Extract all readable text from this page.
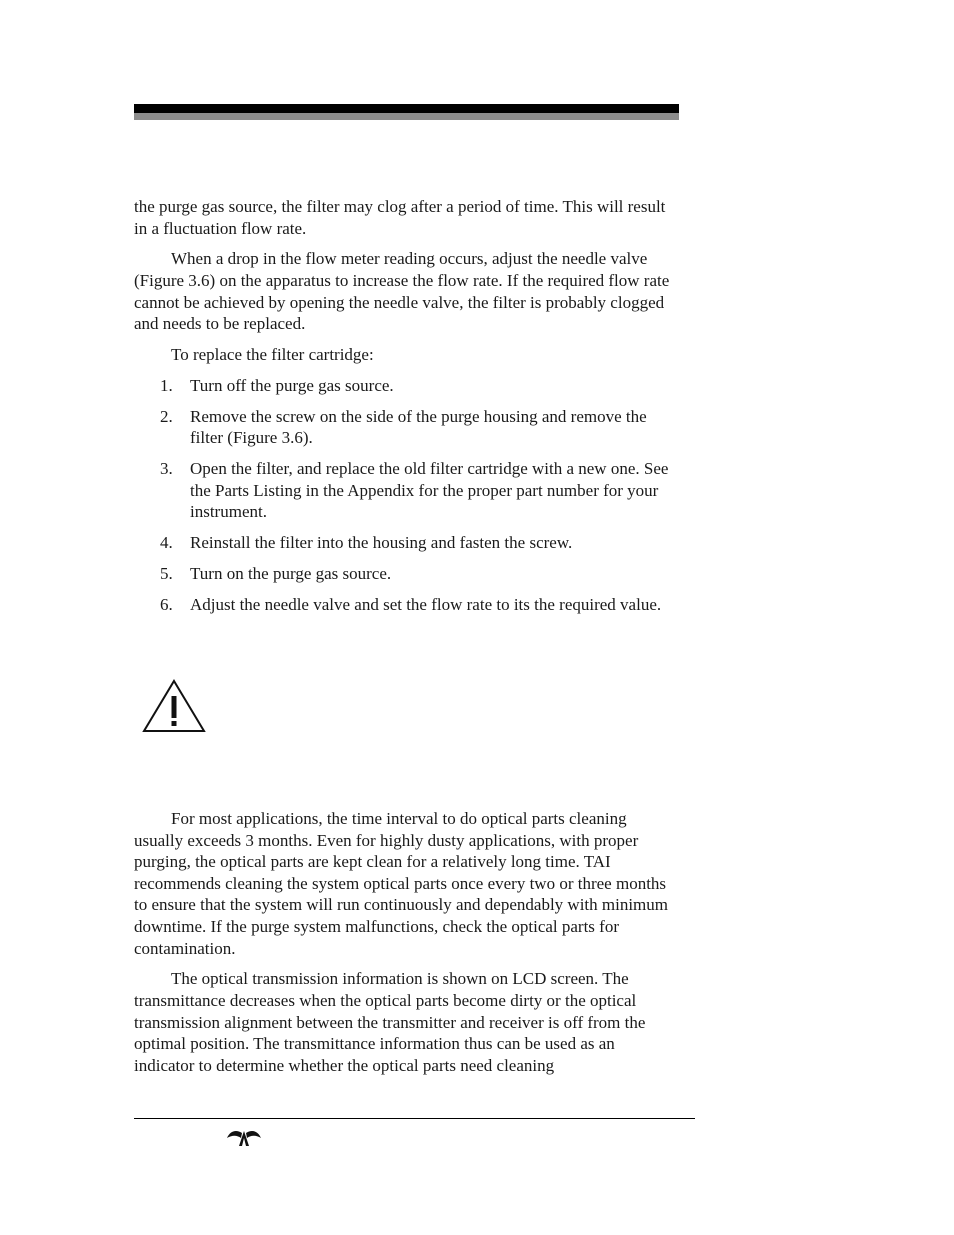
the purge gas source, the filter may clog after a period of time. This will result in a fluctuation flow rate.

When a drop in the flow meter reading occurs, adjust the needle valve (Figure 3.6) on the apparatus to increase the flow rate. If the required flow rate cannot be achieved by opening the needle valve, the filter is probably clogged and needs to be replaced.

To replace the filter cartridge:

1. Turn off the purge gas source.
2. Remove the screw on the side of the purge housing and remove the filter (Figure 3.6).
3. Open the filter, and replace the old filter cartridge with a new one. See the Parts Listing in the Appendix for the proper part number for your instrument.
4. Reinstall the filter into the housing and fasten the screw.
5. Turn on the purge gas source.
6. Adjust the needle valve and set the flow rate to its the required value.

For most applications, the time interval to do optical parts cleaning usually exceeds 3 months. Even for highly dusty applications, with proper purging, the optical parts are kept clean for a relatively long time. TAI recommends cleaning the system optical parts once every two or three months to ensure that the system will run continuously and dependably with minimum downtime. If the purge system malfunctions, check the optical parts for contamination.

The optical transmission information is shown on LCD screen. The transmittance decreases when the optical parts become dirty or the optical transmission alignment between the transmitter and receiver is off from the optimal position. The transmittance information thus can be used as an indicator to determine whether the optical parts need cleaning
